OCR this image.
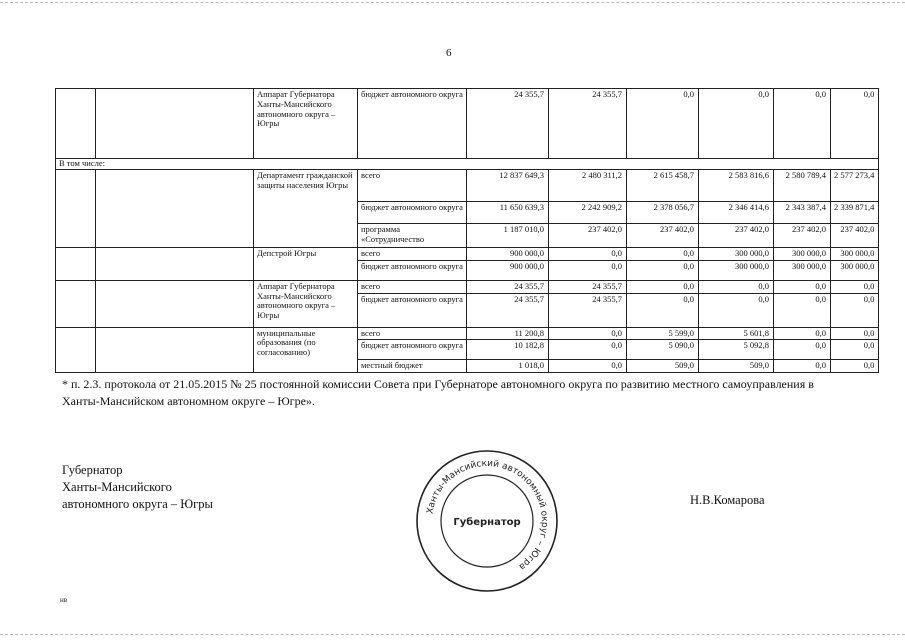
6
		Аппарат Губернатора Ханты-Мансийского автономного округа – Югры	бюджет автономного округа	24 355,7	24 355,7	0,0	0,0	0,0	0,0
В том числе:									
		Департамент гражданской защиты населения Югры	всего	12 837 649,3	2 480 311,2	2 615 458,7	2 583 816,6	2 580 789,4	2 577 273,4
			бюджет автономного округа	11 650 639,3	2 242 909,2	2 378 056,7	2 346 414,6	2 343 387,4	2 339 871,4
			программа «Сотрудничество	1 187 010,0	237 402,0	237 402,0	237 402,0	237 402,0	237 402,0
		Депстрой Югры	всего	900 000,0	0,0	0,0	300 000,0	300 000,0	300 000,0
			бюджет автономного округа	900 000,0	0,0	0,0	300 000,0	300 000,0	300 000,0
		Аппарат Губернатора Ханты-Мансийского автономного округа – Югры	всего	24 355,7	24 355,7	0,0	0,0	0,0	0,0
			бюджет автономного округа	24 355,7	24 355,7	0,0	0,0	0,0	0,0
		муниципальные образования (по согласованию)	всего	11 200,8	0,0	5 599,0	5 601,8	0,0	0,0
			бюджет автономного округа	10 182,8	0,0	5 090,0	5 092,8	0,0	0,0
			местный бюджет	1 018,0	0,0	509,0	509,0	0,0	0,0
* п. 2.3. протокола от 21.05.2015 № 25 постоянной комиссии Совета при Губернаторе автономного округа по развитию местного самоуправления в Ханты-Мансийском автономном округе – Югре».
Губернатор
Ханты-Мансийского
автономного округа – Югры	Ханты-Мансийский автономный округ – Югра
Губернатор
Н.В.Комарова
нв
